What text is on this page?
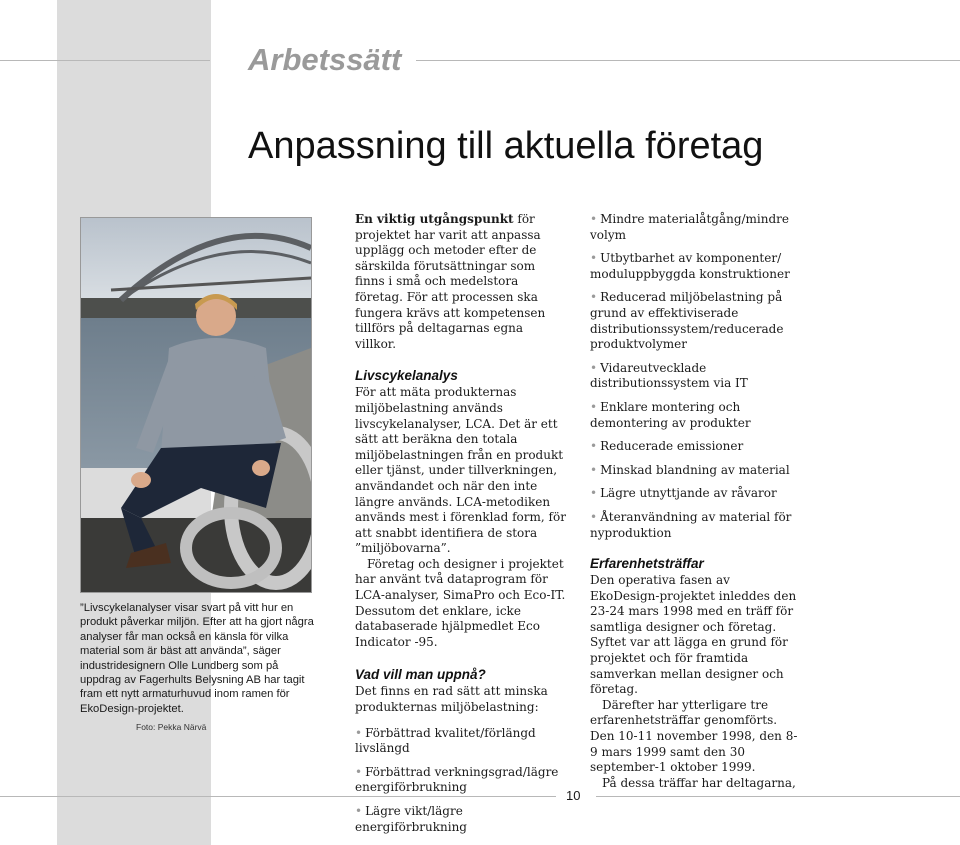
Arbetssätt
Anpassning till aktuella företag

”Livscykelanalyser visar svart på vitt hur en produkt påverkar miljön. Efter att ha gjort några analyser får man också en känsla för vilka material som är bäst att använda”, säger industridesignern Olle Lundberg som på uppdrag av Fagerhults Belysning AB har tagit fram ett nytt armaturhuvud inom ramen för EkoDesign-projektet.

Foto: Pekka Närvä

En viktig utgångspunkt för projektet har varit att anpassa upplägg och metoder efter de särskilda förutsättningar som finns i små och medelstora företag. För att processen ska fungera krävs att kompetensen tillförs på deltagarnas egna villkor.

Livscykelanalys

För att mäta produkternas miljöbelastning används livscykelanalyser, LCA. Det är ett sätt att beräkna den totala miljöbelastningen från en produkt eller tjänst, under tillverkningen, användandet och när den inte längre används. LCA-metodiken används mest i förenklad form, för att snabbt identifiera de stora ”miljöbovarna”.

Företag och designer i projektet har använt två dataprogram för LCA-analyser, SimaPro och Eco-IT. Dessutom det enklare, icke databaserade hjälpmedlet Eco Indicator -95.

Vad vill man uppnå?

Det finns en rad sätt att minska produkternas miljöbelastning:

• Förbättrad kvalitet/förlängd livslängd
• Förbättrad verkningsgrad/lägre energiförbrukning
• Lägre vikt/lägre energiförbrukning
• Mindre materialåtgång/mindre volym
• Utbytbarhet av komponenter/ moduluppbyggda konstruktioner
• Reducerad miljöbelastning på grund av effektiviserade distributionssystem/reducerade produktvolymer
• Vidareutvecklade distributionssystem via IT
• Enklare montering och demontering av produkter
• Reducerade emissioner
• Minskad blandning av material
• Lägre utnyttjande av råvaror
• Återanvändning av material för nyproduktion
Erfarenhetsträffar

Den operativa fasen av EkoDesign-projektet inleddes den 23-24 mars 1998 med en träff för samtliga designer och företag. Syftet var att lägga en grund för projektet och för framtida samverkan mellan designer och företag.

Därefter har ytterligare tre erfarenhetsträffar genomförts. Den 10-11 november 1998, den 8-9 mars 1999 samt den 30 september-1 oktober 1999.

På dessa träffar har deltagarna,

10
